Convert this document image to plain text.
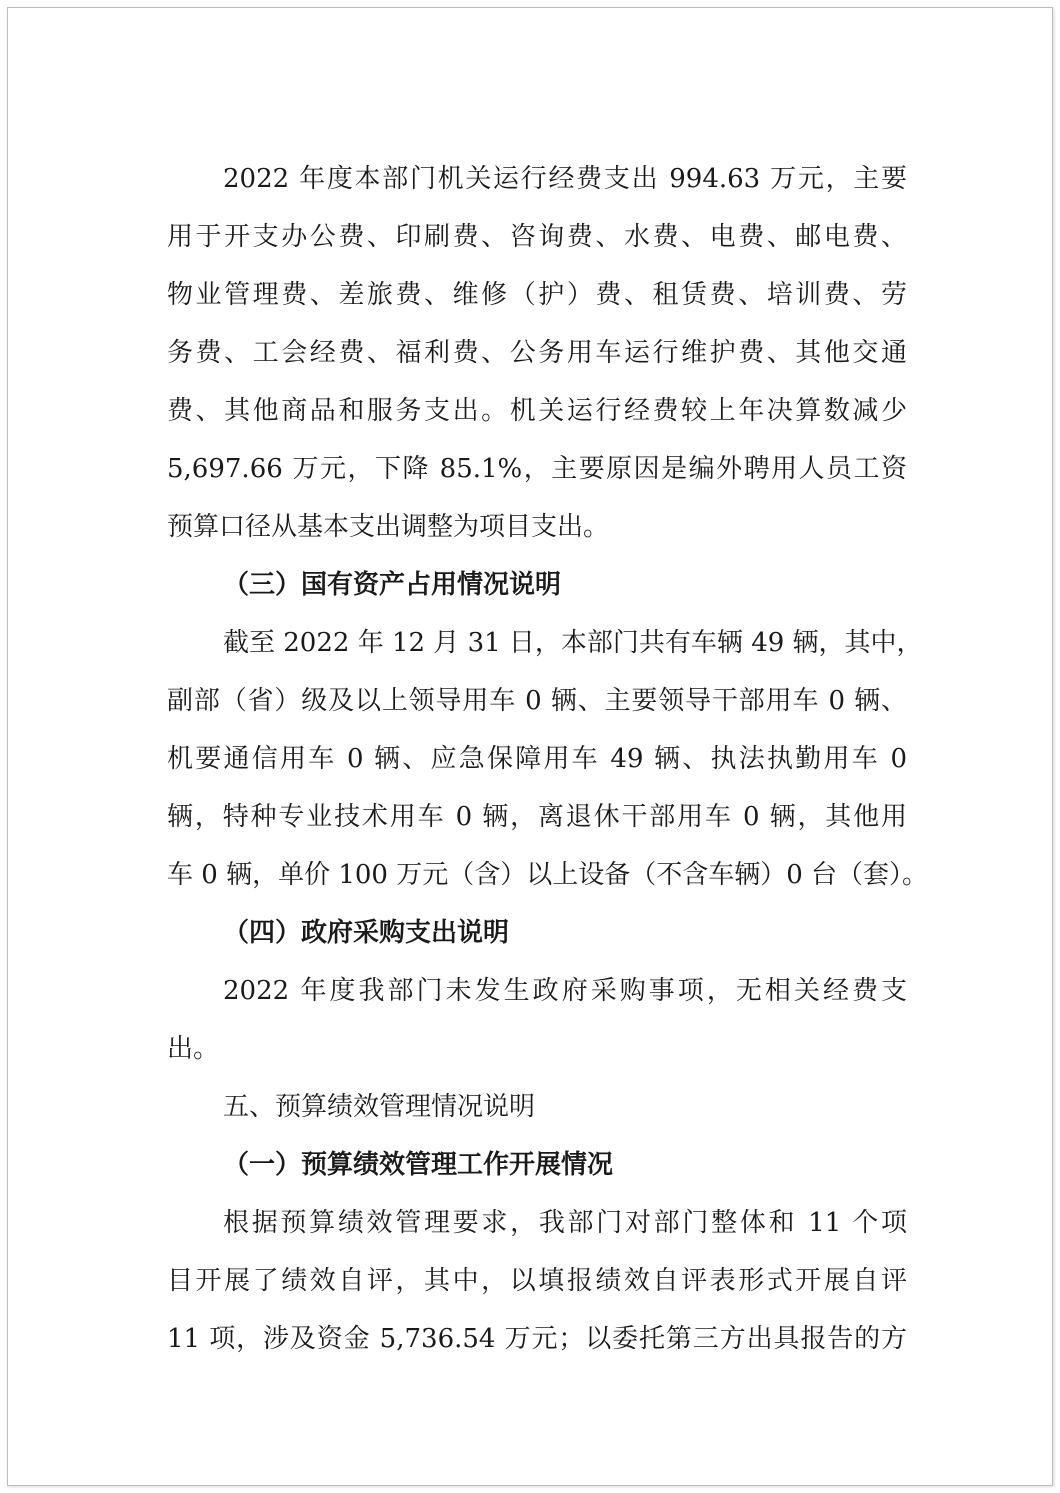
2022 年度本部门机关运行经费支出 994.63 万元，主要
用于开支办公费、印刷费、咨询费、水费、电费、邮电费、
物业管理费、差旅费、维修（护）费、租赁费、培训费、劳
务费、工会经费、福利费、公务用车运行维护费、其他交通
费、其他商品和服务支出。机关运行经费较上年决算数减少
5,697.66 万元，下降 85.1%，主要原因是编外聘用人员工资
预算口径从基本支出调整为项目支出。
（三）国有资产占用情况说明
截至 2022 年 12 月 31 日，本部门共有车辆 49 辆，其中，
副部（省）级及以上领导用车 0 辆、主要领导干部用车 0 辆、
机要通信用车 0 辆、应急保障用车 49 辆、执法执勤用车 0
辆，特种专业技术用车 0 辆，离退休干部用车 0 辆，其他用
车 0 辆，单价 100 万元（含）以上设备（不含车辆）0 台（套）。
（四）政府采购支出说明
2022 年度我部门未发生政府采购事项，无相关经费支
出。
五、预算绩效管理情况说明
（一）预算绩效管理工作开展情况
根据预算绩效管理要求，我部门对部门整体和 11 个项
目开展了绩效自评，其中，以填报绩效自评表形式开展自评
11 项，涉及资金 5,736.54 万元；以委托第三方出具报告的方
